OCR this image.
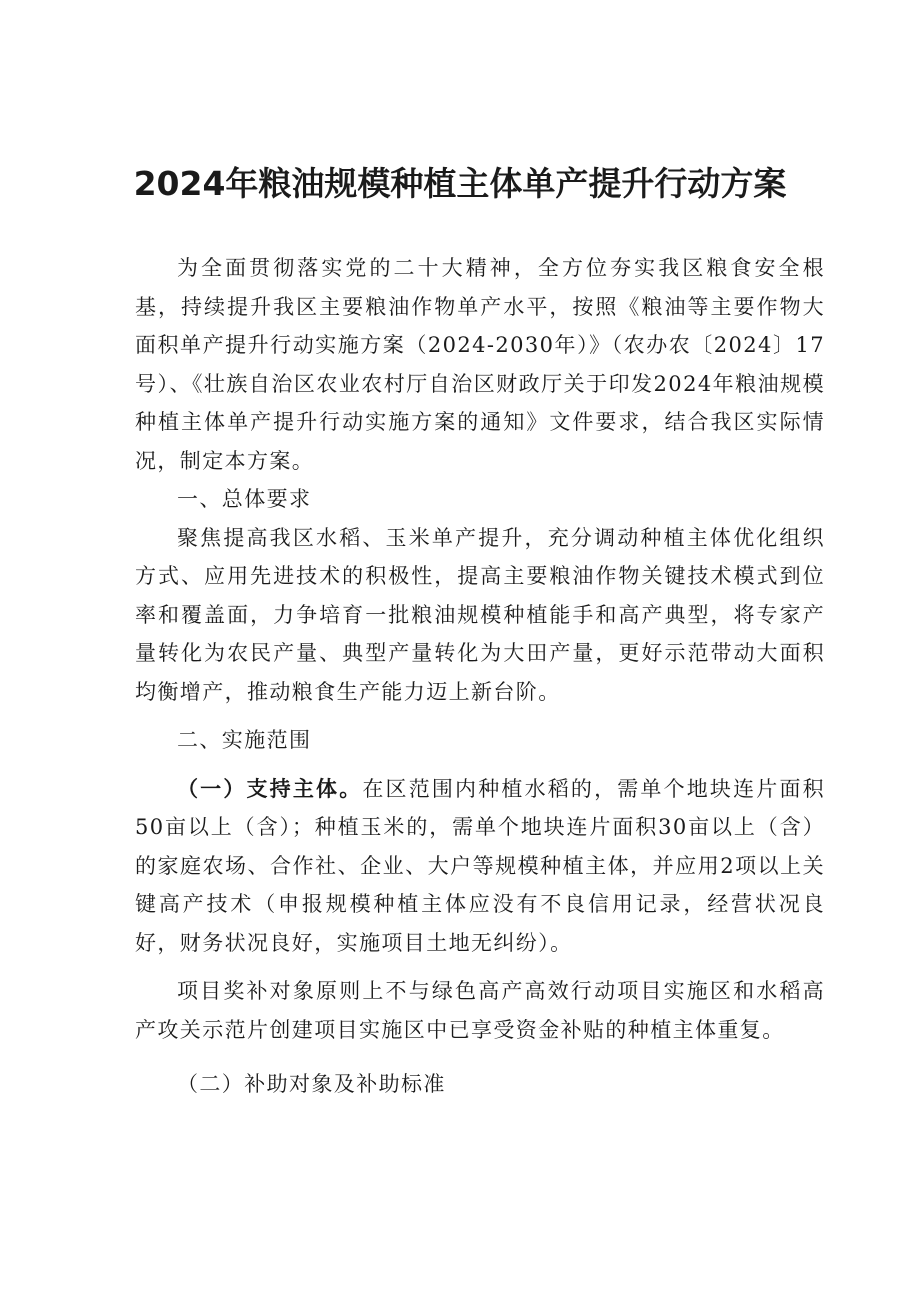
2024年粮油规模种植主体单产提升行动方案

为全面贯彻落实党的二十大精神，全方位夯实我区粮食安全根基，持续提升我区主要粮油作物单产水平，按照《粮油等主要作物大面积单产提升行动实施方案（2024-2030年）》（农办农〔2024〕17号）、《壮族自治区农业农村厅自治区财政厅关于印发2024年粮油规模种植主体单产提升行动实施方案的通知》文件要求，结合我区实际情况，制定本方案。

一、总体要求

聚焦提高我区水稻、玉米单产提升，充分调动种植主体优化组织方式、应用先进技术的积极性，提高主要粮油作物关键技术模式到位率和覆盖面，力争培育一批粮油规模种植能手和高产典型，将专家产量转化为农民产量、典型产量转化为大田产量，更好示范带动大面积均衡增产，推动粮食生产能力迈上新台阶。

二、实施范围

（一）支持主体。在区范围内种植水稻的，需单个地块连片面积50亩以上（含）；种植玉米的，需单个地块连片面积30亩以上（含）的家庭农场、合作社、企业、大户等规模种植主体，并应用2项以上关键高产技术（申报规模种植主体应没有不良信用记录，经营状况良好，财务状况良好，实施项目土地无纠纷）。

项目奖补对象原则上不与绿色高产高效行动项目实施区和水稻高产攻关示范片创建项目实施区中已享受资金补贴的种植主体重复。

（二）补助对象及补助标准
